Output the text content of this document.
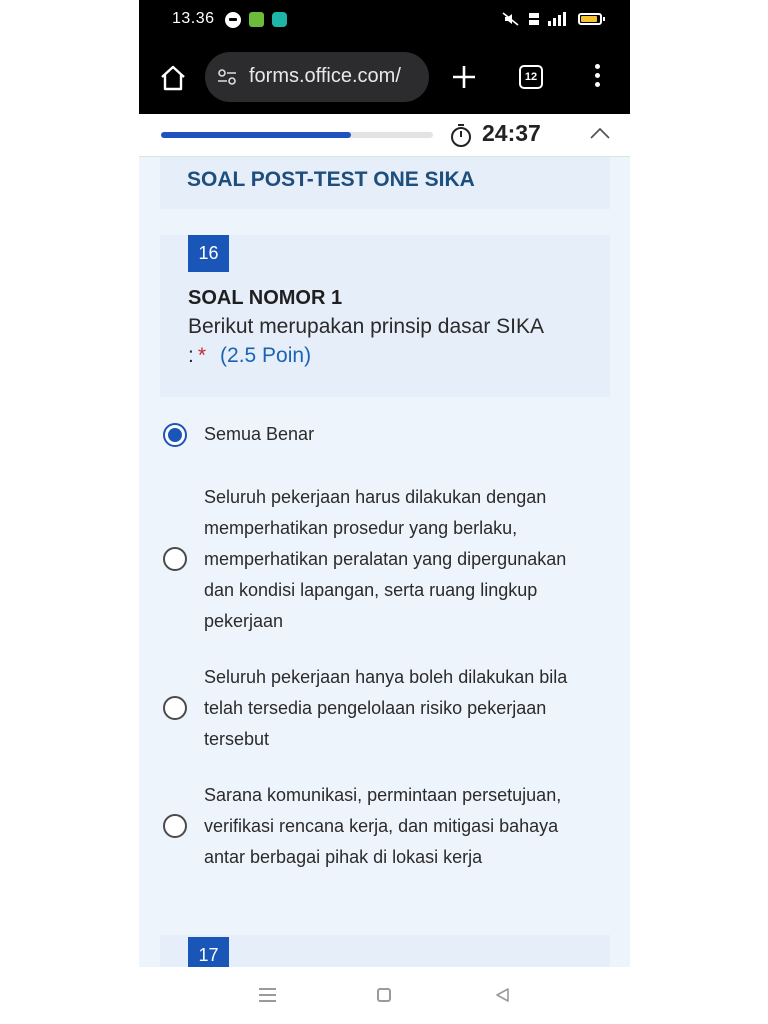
13.36
forms.office.com/	12
24:37
SOAL POST-TEST ONE SIKA
16
SOAL NOMOR 1
Berikut merupakan prinsip dasar SIKA
: * (2.5 Poin)
Semua Benar
Seluruh pekerjaan harus dilakukan dengan memperhatikan prosedur yang berlaku, memperhatikan peralatan yang dipergunakan dan kondisi lapangan, serta ruang lingkup pekerjaan
Seluruh pekerjaan hanya boleh dilakukan bila telah tersedia pengelolaan risiko pekerjaan tersebut
Sarana komunikasi, permintaan persetujuan, verifikasi rencana kerja, dan mitigasi bahaya antar berbagai pihak di lokasi kerja
17
